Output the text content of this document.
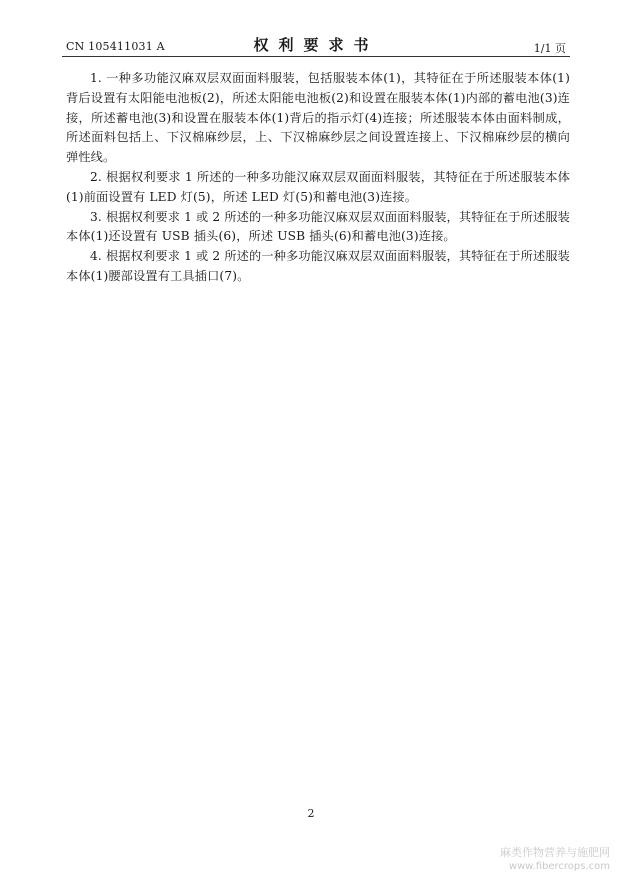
CN 105411031 A	权利要求书	1/1 页

1. 一种多功能汉麻双层双面面料服装，包括服装本体(1)，其特征在于所述服装本体(1)背后设置有太阳能电池板(2)，所述太阳能电池板(2)和设置在服装本体(1)内部的蓄电池(3)连接，所述蓄电池(3)和设置在服装本体(1)背后的指示灯(4)连接；所述服装本体由面料制成，所述面料包括上、下汉棉麻纱层，上、下汉棉麻纱层之间设置连接上、下汉棉麻纱层的横向弹性线。

2. 根据权利要求 1 所述的一种多功能汉麻双层双面面料服装，其特征在于所述服装本体(1)前面设置有 LED 灯(5)，所述 LED 灯(5)和蓄电池(3)连接。

3. 根据权利要求 1 或 2 所述的一种多功能汉麻双层双面面料服装，其特征在于所述服装本体(1)还设置有 USB 插头(6)，所述 USB 插头(6)和蓄电池(3)连接。

4. 根据权利要求 1 或 2 所述的一种多功能汉麻双层双面面料服装，其特征在于所述服装本体(1)腰部设置有工具插口(7)。

2
麻类作物营养与施肥网
www.fibercrops.com
